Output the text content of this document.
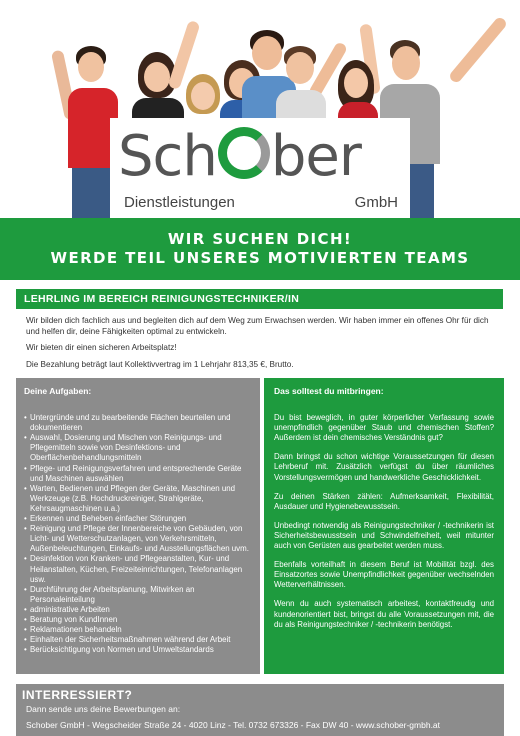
Sch ber
Dienstleistungen	GmbH
WIR SUCHEN DICH!
WERDE TEIL UNSERES MOTIVIERTEN TEAMS
LEHRLING IM BEREICH REINIGUNGSTECHNIKER/IN

Wir bilden dich fachlich aus und begleiten dich auf dem Weg zum Erwachsen werden. Wir haben immer ein offenes Ohr für dich und helfen dir, deine Fähigkeiten optimal zu entwickeln.

Wir bieten dir einen sicheren Arbeitsplatz!

Die Bezahlung beträgt laut Kollektivvertrag im 1 Lehrjahr 813,35 €, Brutto.

Deine Aufgaben:
• Untergründe und zu bearbeitende Flächen beurteilen und dokumentieren
• Auswahl, Dosierung und Mischen von Reinigungs- und Pflegemitteln sowie von Desinfektions- und Oberflächenbehandlungsmitteln
• Pflege- und Reinigungsverfahren und entsprechende Geräte und Maschinen auswählen
• Warten, Bedienen und Pflegen der Geräte, Maschinen und Werkzeuge (z.B. Hochdruckreiniger, Strahlgeräte, Kehrsaugmaschinen u.a.)
• Erkennen und Beheben einfacher Störungen
• Reinigung und Pflege der Innenbereiche von Gebäuden, von Licht- und Wetterschutzanlagen, von Verkehrsmitteln, Außenbeleuchtungen, Einkaufs- und Ausstellungsflächen uvm.
• Desinfektion von Kranken- und Pflegeanstalten, Kur- und Heilanstalten, Küchen, Freizeiteinrichtungen, Telefonanlagen usw.
• Durchführung der Arbeitsplanung, Mitwirken an Personaleinteilung
• administrative Arbeiten
• Beratung von KundInnen
• Reklamationen behandeln
• Einhalten der Sicherheitsmaßnahmen während der Arbeit
• Berücksichtigung von Normen und Umweltstandards
Das solltest du mitbringen:

Du bist beweglich, in guter körperlicher Verfassung sowie unempfindlich gegenüber Staub und chemischen Stoffen? Außerdem ist dein chemisches Verständnis gut?

Dann bringst du schon wichtige Voraussetzungen für diesen Lehrberuf mit. Zusätzlich verfügst du über räumliches Vorstellungsvermögen und handwerkliche Geschicklichkeit.

Zu deinen Stärken zählen: Aufmerksamkeit, Flexibilität, Ausdauer und Hygienebewusstsein.

Unbedingt notwendig als Reinigungstechniker / -technikerin ist Sicherheitsbewusstsein und Schwindelfreiheit, weil mitunter auch von Gerüsten aus gearbeitet werden muss.

Ebenfalls vorteilhaft in diesem Beruf ist Mobilität bzgl. des Einsatzortes sowie Unempfindlichkeit gegenüber wechselnden Wetterverhältnissen.

Wenn du auch systematisch arbeitest, kontaktfreudig und kundenorientiert bist, bringst du alle Voraussetzungen mit, die du als Reinigungstechniker / -technikerin benötigst.

INTERRESSIERT?
Dann sende uns deine Bewerbungen an:
Schober GmbH - Wegscheider Straße 24 - 4020 Linz - Tel. 0732 673326 - Fax DW 40 - www.schober-gmbh.at
